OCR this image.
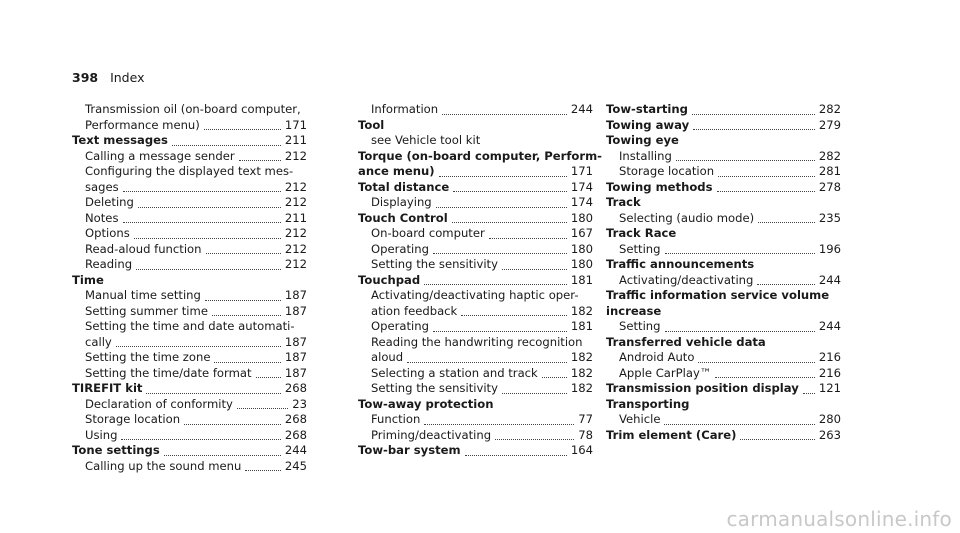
398 Index
Transmission oil (on-board computer,
Performance menu)	171
Text messages	211
Calling a message sender	212
Configuring the displayed text mes-
sages	212
Deleting	212
Notes	211
Options	212
Read-aloud function	212
Reading	212
Time
Manual time setting	187
Setting summer time	187
Setting the time and date automati-
cally	187
Setting the time zone	187
Setting the time/date format	187
TIREFIT kit	268
Declaration of conformity	23
Storage location	268
Using	268
Tone settings	244
Calling up the sound menu	245
Information	244
Tool
see Vehicle tool kit
Torque (on-board computer, Perform-
ance menu)	171
Total distance	174
Displaying	174
Touch Control	180
On-board computer	167
Operating	180
Setting the sensitivity	180
Touchpad	181
Activating/deactivating haptic oper-
ation feedback	182
Operating	181
Reading the handwriting recognition
aloud	182
Selecting a station and track	182
Setting the sensitivity	182
Tow-away protection
Function	77
Priming/deactivating	78
Tow-bar system	164
Tow-starting	282
Towing away	279
Towing eye
Installing	282
Storage location	281
Towing methods	278
Track
Selecting (audio mode)	235
Track Race
Setting	196
Traffic announcements
Activating/deactivating	244
Traffic information service volume
increase
Setting	244
Transferred vehicle data
Android Auto	216
Apple CarPlay™	216
Transmission position display 121
Transporting
Vehicle	280
Trim element (Care)	263
carmanualsonline.info
